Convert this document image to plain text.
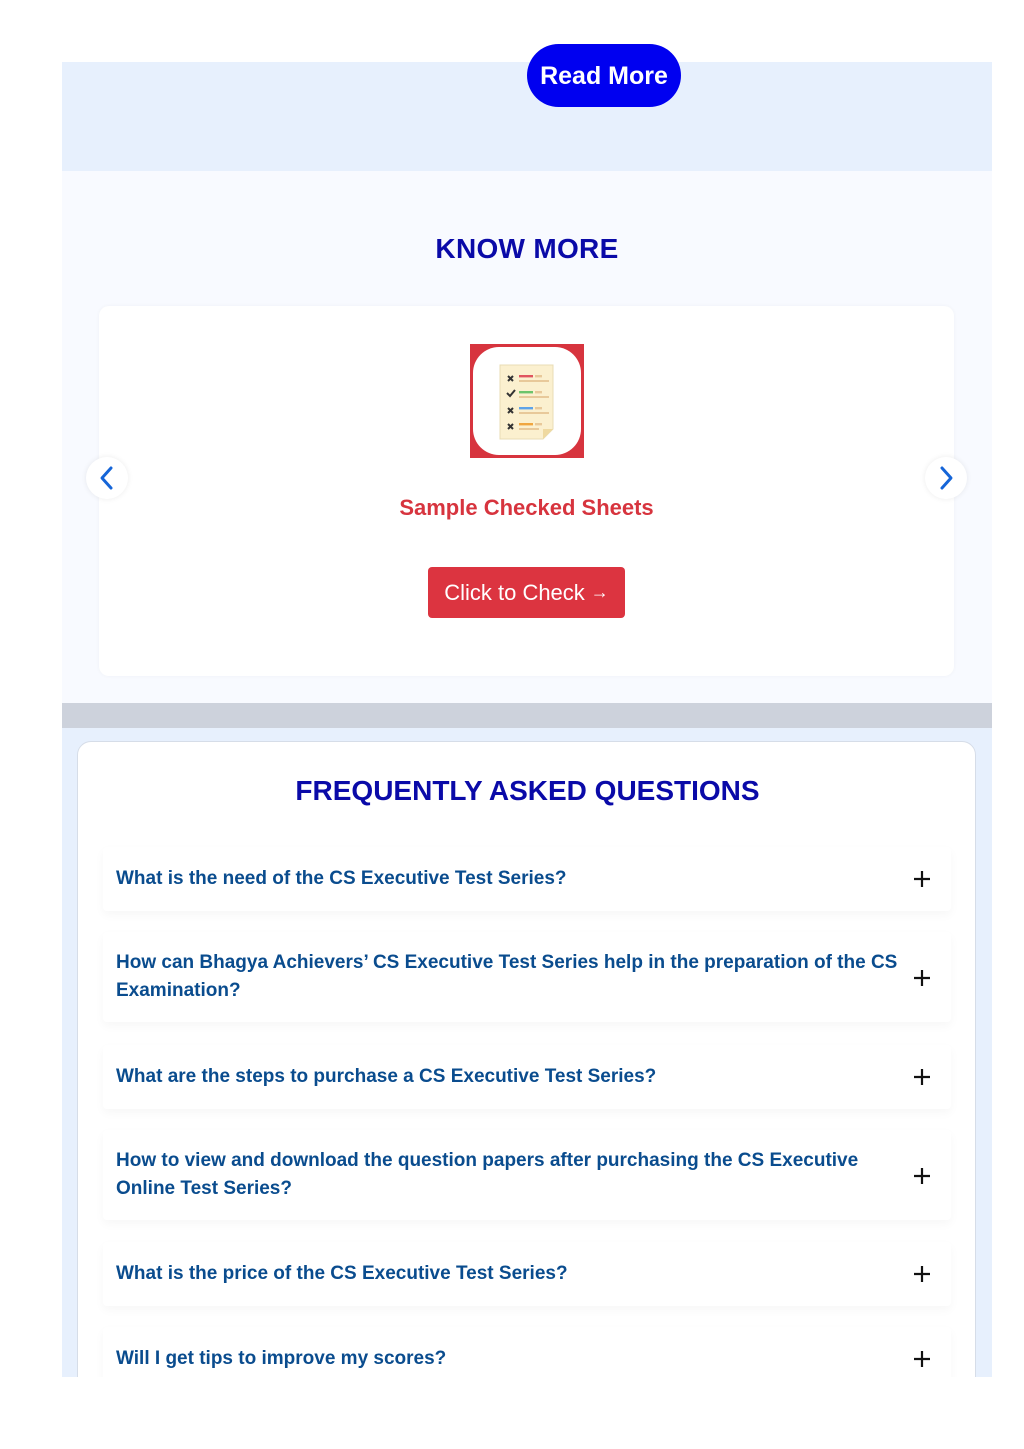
Read More
KNOW MORE
Sample Checked Sheets
Click to Check →
FREQUENTLY ASKED QUESTIONS
What is the need of the CS Executive Test Series?
How can Bhagya Achievers’ CS Executive Test Series help in the preparation of the CS Examination?
What are the steps to purchase a CS Executive Test Series?
How to view and download the question papers after purchasing the CS Executive Online Test Series?
What is the price of the CS Executive Test Series?
Will I get tips to improve my scores?
